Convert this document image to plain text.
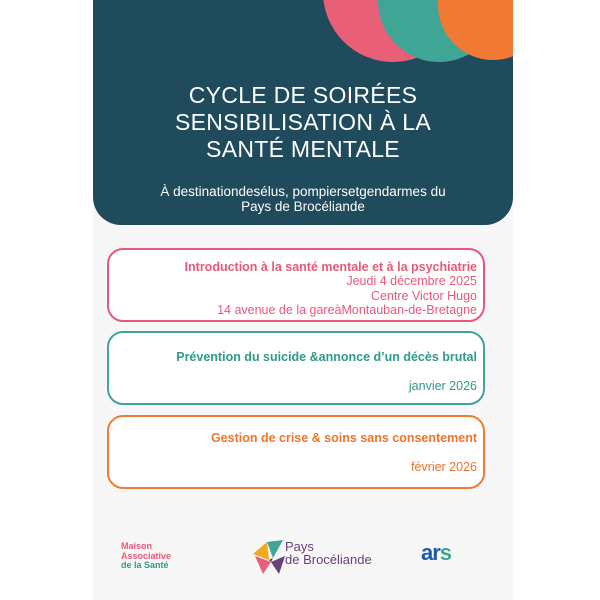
CYCLE DE SOIRÉES
SENSIBILISATION À LA
SANTÉ MENTALE
À destinationdesélus, pompiersetgendarmes du
Pays de Brocéliande
Introduction à la santé mentale et à la psychiatrie
Jeudi 4 décembre 2025
Centre Victor Hugo
14 avenue de la gareàMontauban-de-Bretagne
Prévention du suicide &annonce d’un décès brutal
janvier 2026
Gestion de crise & soins sans consentement
février 2026
Maison
Associative
de la Santé
Pays
de Brocéliande ars
